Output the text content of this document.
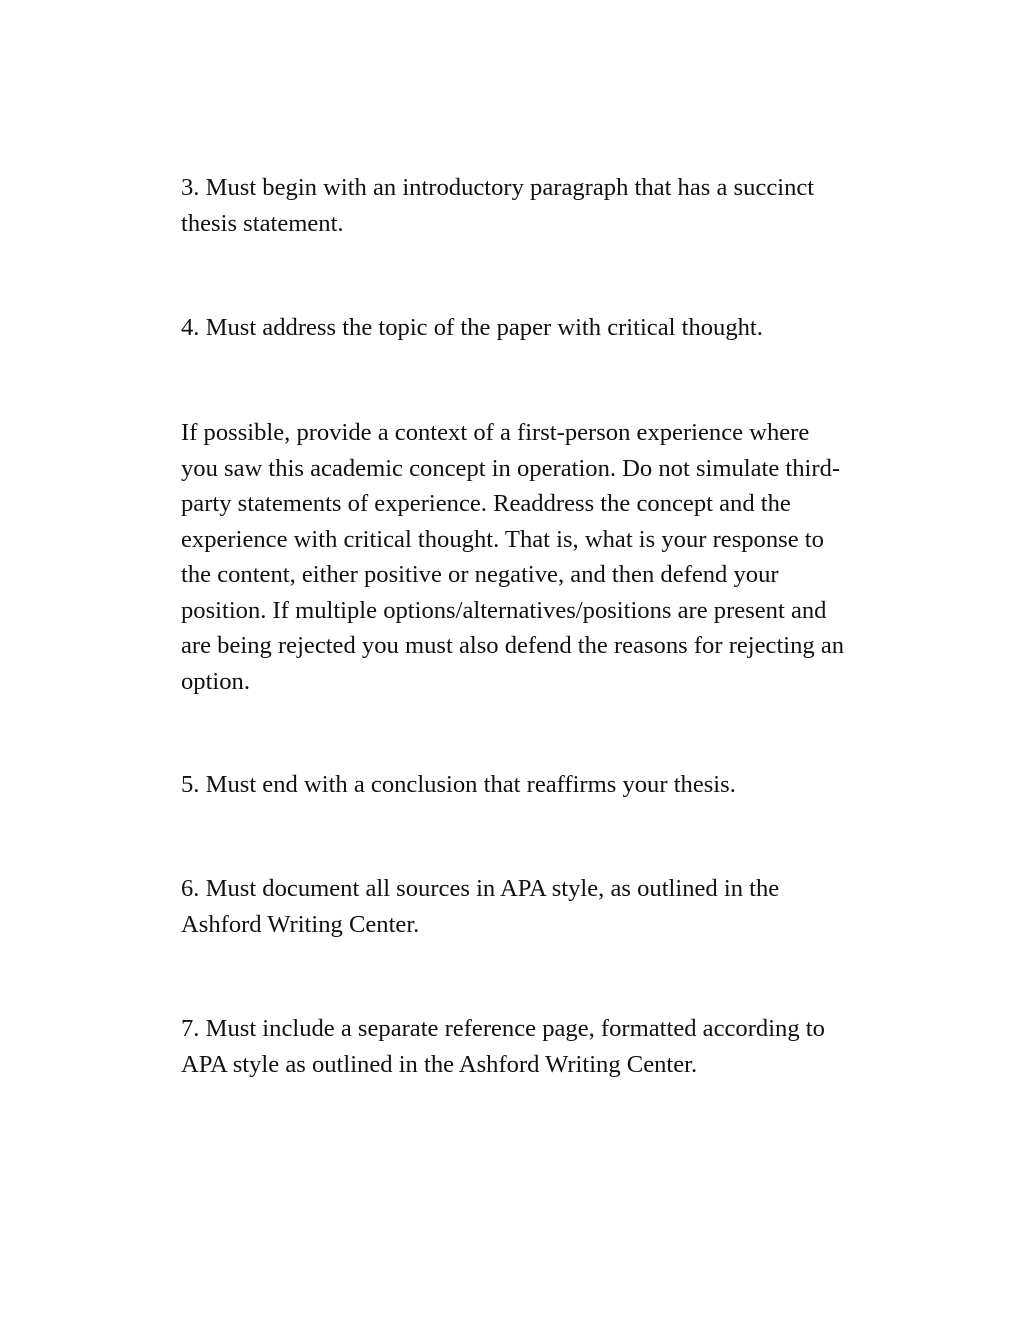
3. Must begin with an introductory paragraph that has a succinct
thesis statement.

4. Must address the topic of the paper with critical thought.

If possible, provide a context of a first-person experience where
you saw this academic concept in operation. Do not simulate third-
party statements of experience. Readdress the concept and the
experience with critical thought. That is, what is your response to
the content, either positive or negative, and then defend your
position. If multiple options/alternatives/positions are present and
are being rejected you must also defend the reasons for rejecting an
option.

5. Must end with a conclusion that reaffirms your thesis.

6. Must document all sources in APA style, as outlined in the
Ashford Writing Center.

7. Must include a separate reference page, formatted according to
APA style as outlined in the Ashford Writing Center.
